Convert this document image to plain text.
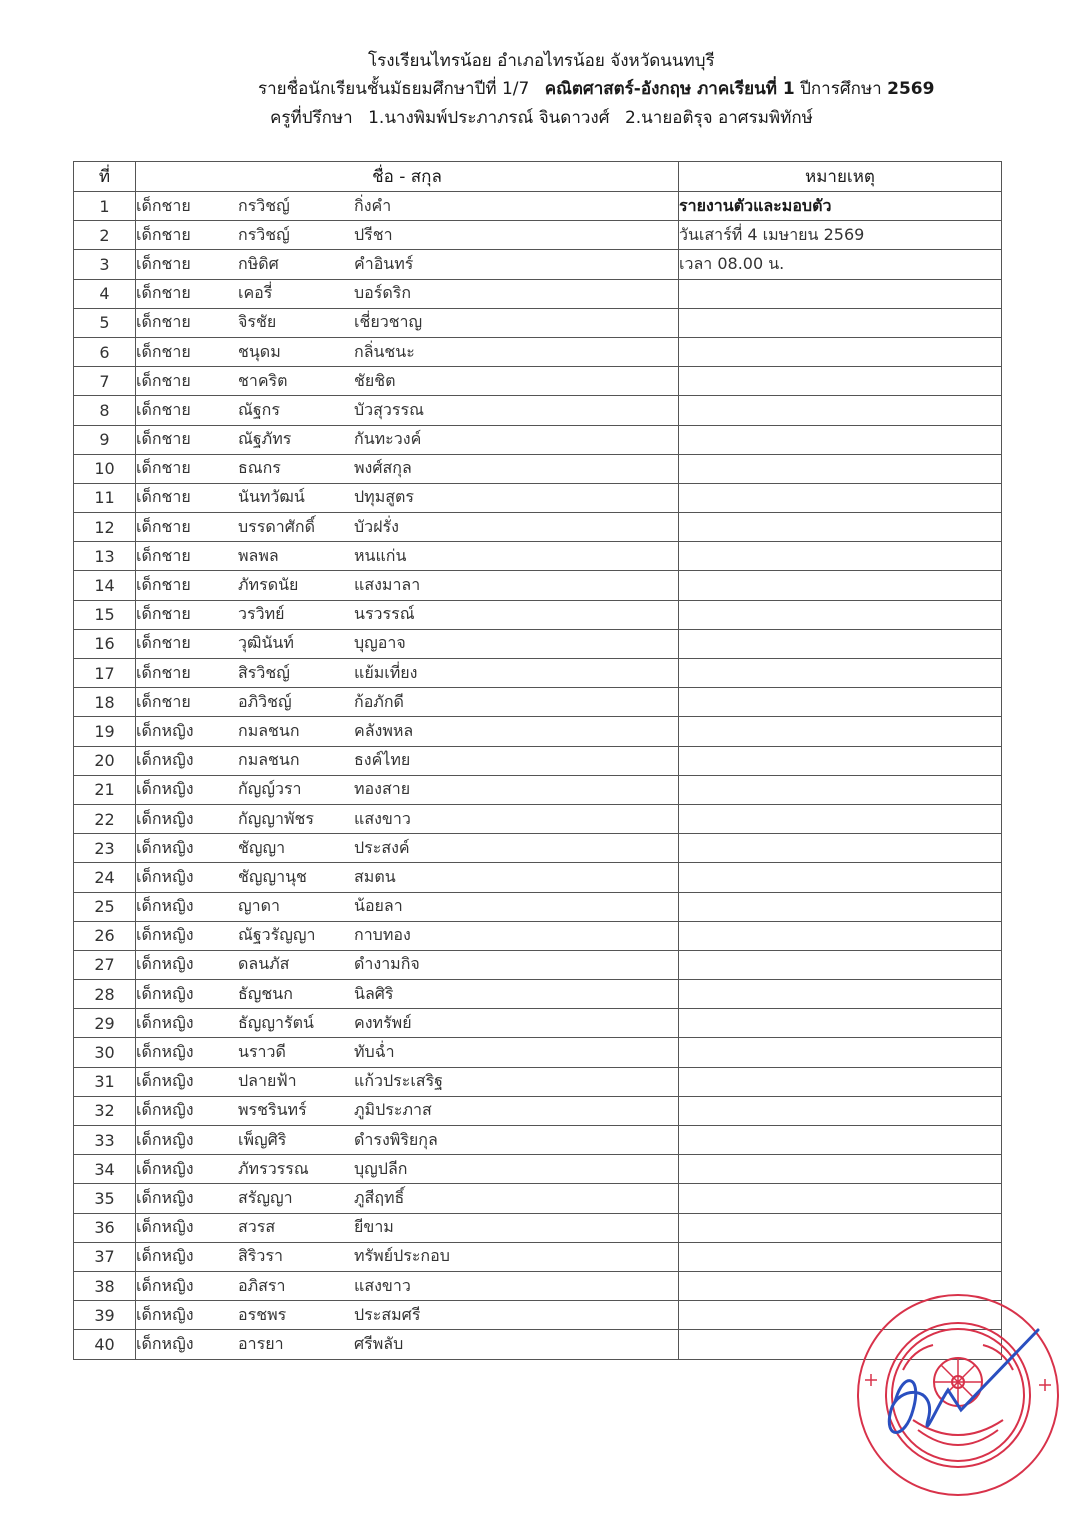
โรงเรียนไทรน้อย อำเภอไทรน้อย จังหวัดนนทบุรี
รายชื่อนักเรียนชั้นมัธยมศึกษาปีที่ 1/7 คณิตศาสตร์-อังกฤษ ภาคเรียนที่ 1 ปีการศึกษา 2569
ครูที่ปรึกษา 1.นางพิมพ์ประภาภรณ์ จินดาวงศ์ 2.นายอติรุจ อาศรมพิทักษ์
ที่	ชื่อ - สกุล	หมายเหตุ
1	เด็กชาย กรวิชญ์ กิ่งคำ	รายงานตัวและมอบตัว
2	เด็กชาย กรวิชญ์ ปรีชา	วันเสาร์ที่ 4 เมษายน 2569
3	เด็กชาย กษิดิศ คำอินทร์	เวลา 08.00 น.
4	เด็กชาย เคอรี่ บอร์ดริก	
5	เด็กชาย จิรชัย เชี่ยวชาญ	
6	เด็กชาย ชนุดม กลิ่นชนะ	
7	เด็กชาย ชาคริต ชัยชิต	
8	เด็กชาย ณัฐกร บัวสุวรรณ	
9	เด็กชาย ณัฐภัทร กันทะวงค์	
10	เด็กชาย ธณกร พงศ์สกุล	
11	เด็กชาย นันทวัฒน์ ปทุมสูตร	
12	เด็กชาย บรรดาศักดิ์ บัวฝรั่ง	
13	เด็กชาย พลพล หนแก่น	
14	เด็กชาย ภัทรดนัย แสงมาลา	
15	เด็กชาย วรวิทย์ นรวรรณ์	
16	เด็กชาย วุฒินันท์ บุญอาจ	
17	เด็กชาย สิรวิชญ์ แย้มเที่ยง	
18	เด็กชาย อภิวิชญ์ ก้อภักดี	
19	เด็กหญิง กมลชนก คลังพหล	
20	เด็กหญิง กมลชนก ธงค์ไทย	
21	เด็กหญิง กัญญ์วรา ทองสาย	
22	เด็กหญิง กัญญาพัชร แสงขาว	
23	เด็กหญิง ชัญญา ประสงค์	
24	เด็กหญิง ชัญญานุช สมตน	
25	เด็กหญิง ญาดา น้อยลา	
26	เด็กหญิง ณัฐวรัญญา กาบทอง	
27	เด็กหญิง ดลนภัส ดำงามกิจ	
28	เด็กหญิง ธัญชนก นิลศิริ	
29	เด็กหญิง ธัญญารัตน์ คงทรัพย์	
30	เด็กหญิง นราวดี ทับฉ่ำ	
31	เด็กหญิง ปลายฟ้า แก้วประเสริฐ	
32	เด็กหญิง พรชรินทร์ ภูมิประภาส	
33	เด็กหญิง เพ็ญศิริ ดำรงพิริยกุล	
34	เด็กหญิง ภัทรวรรณ บุญปลีก	
35	เด็กหญิง สรัญญา ภูสีฤทธิ์	
36	เด็กหญิง สวรส ยีขาม	
37	เด็กหญิง สิริวรา ทรัพย์ประกอบ	
38	เด็กหญิง อภิสรา แสงขาว	
39	เด็กหญิง อรชพร ประสมศรี	
40	เด็กหญิง อารยา ศรีพลับ	
